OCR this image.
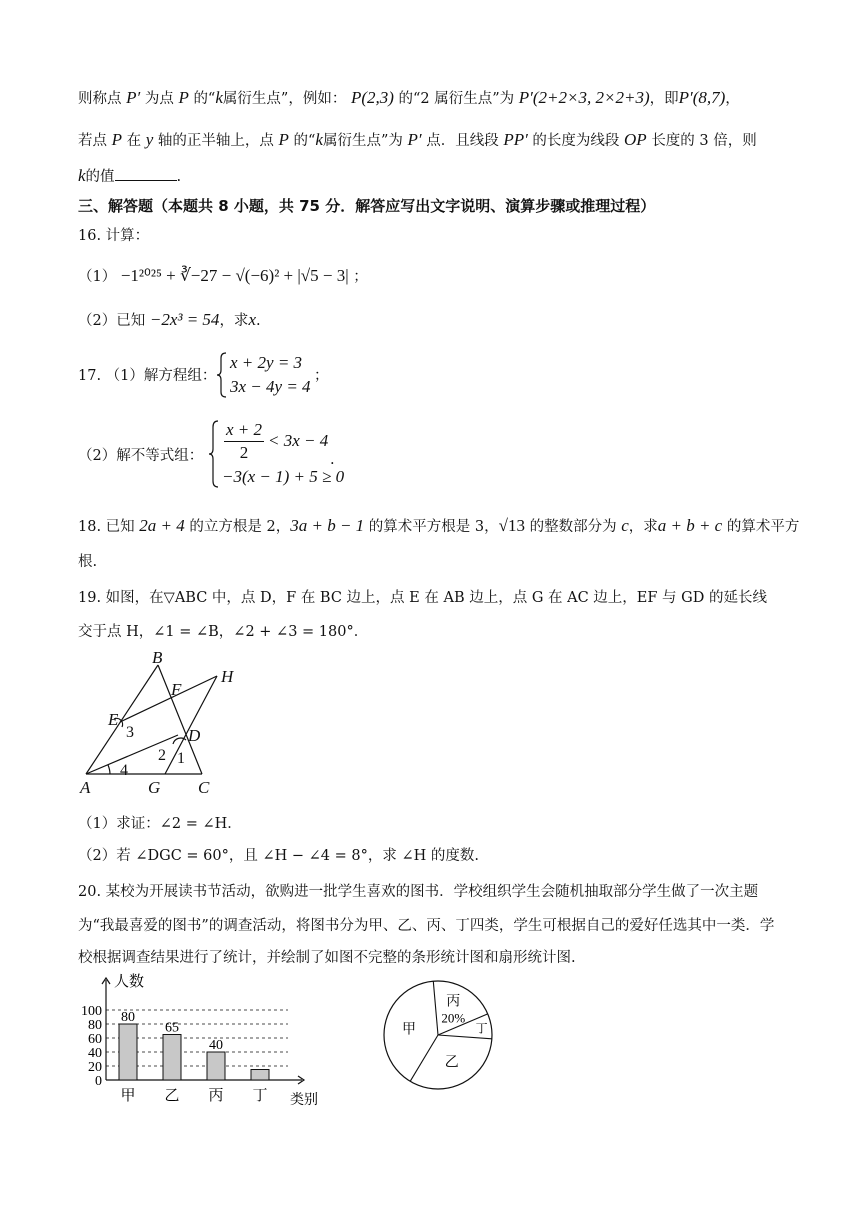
则称点 P′ 为点 P 的“k属衍生点”，例如： P(2,3) 的“2 属衍生点”为 P′(2+2×3, 2×2+3)，即P′(8,7)，
若点 P 在 y 轴的正半轴上，点 P 的“k属衍生点”为 P′ 点．且线段 PP′ 的长度为线段 OP 长度的 3 倍，则
k的值	.
三、解答题（本题共 8 小题，共 75 分．解答应写出文字说明、演算步骤或推理过程）
16. 计算：
（1） −1²⁰²⁵ + ∛−27 − √(−6)² + |√5 − 3| ；
（2）已知 −2x³ = 54，求x.
17. （1）解方程组：
x + 2y = 3
3x − 4y = 4
；
（2）解不等式组：
x + 2
2
< 3x − 4
−3(x − 1) + 5 ≥ 0
.
18. 已知 2a + 4 的立方根是 2，3a + b − 1 的算术平方根是 3，√13 的整数部分为 c，求a + b + c 的算术平方
根.
19. 如图，在▽ABC 中，点 D，F 在 BC 边上，点 E 在 AB 边上，点 G 在 AC 边上，EF 与 GD 的延长线
交于点 H，∠1 = ∠B，∠2 + ∠3 = 180°．
B
F
H
E
D
A	G C
3
2 1
4
（1）求证：∠2 = ∠H．
（2）若 ∠DGC = 60°，且 ∠H − ∠4 = 8°，求 ∠H 的度数.
20. 某校为开展读书节活动，欲购进一批学生喜欢的图书．学校组织学生会随机抽取部分学生做了一次主题
为“我最喜爱的图书”的调查活动，将图书分为甲、乙、丙、丁四类，学生可根据自己的爱好任选其中一类．学
校根据调查结果进行了统计，并绘制了如图不完整的条形统计图和扇形统计图.
0
20
40
60
80
100
人数
类别
甲
80
乙
65
丙
40
丁
丙
20%
丁
乙
甲
